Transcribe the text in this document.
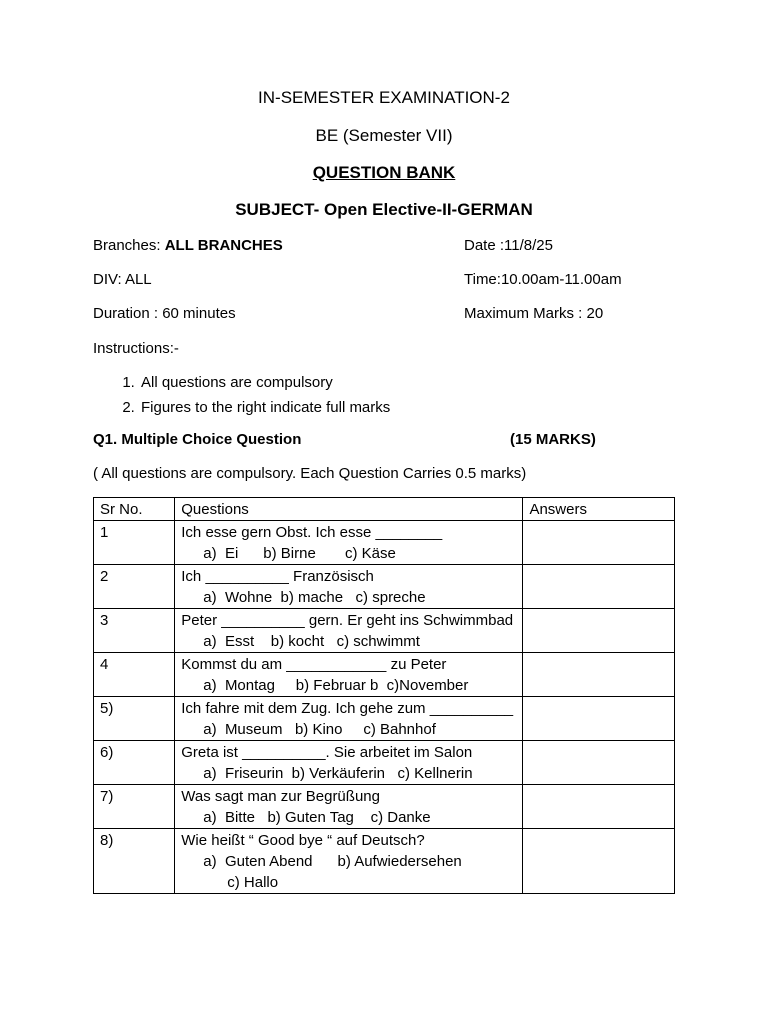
IN-SEMESTER EXAMINATION-2
BE (Semester VII)
QUESTION BANK
SUBJECT- Open Elective-II-GERMAN
Branches: ALL BRANCHES	Date :11/8/25
DIV: ALL	Time:10.00am-11.00am
Duration : 60 minutes	Maximum Marks : 20
Instructions:-
1. All questions are compulsory
2. Figures to the right indicate full marks
Q1. Multiple Choice Question	(15 MARKS)
( All questions are compulsory. Each Question Carries 0.5 marks)
Sr No.	Questions	Answers
1	Ich esse gern Obst. Ich esse ________
a)  Ei      b) Birne       c) Käse	

2	Ich __________ Französisch
a)  Wohne  b) mache   c) spreche	

3	Peter __________ gern. Er geht ins Schwimmbad
a)  Esst    b) kocht   c) schwimmt	

4	Kommst du am ____________ zu Peter
a)  Montag     b) Februar b  c)November	

5)	Ich fahre mit dem Zug. Ich gehe zum __________
a)  Museum   b) Kino     c) Bahnhof	

6)	Greta ist __________. Sie arbeitet im Salon
a)  Friseurin  b) Verkäuferin   c) Kellnerin	

7)	Was sagt man zur Begrüßung
a)  Bitte   b) Guten Tag    c) Danke	

8)	Wie heißt “ Good bye “ auf Deutsch?
a)  Guten Abend      b) Aufwiedersehen
c) Hallo	
